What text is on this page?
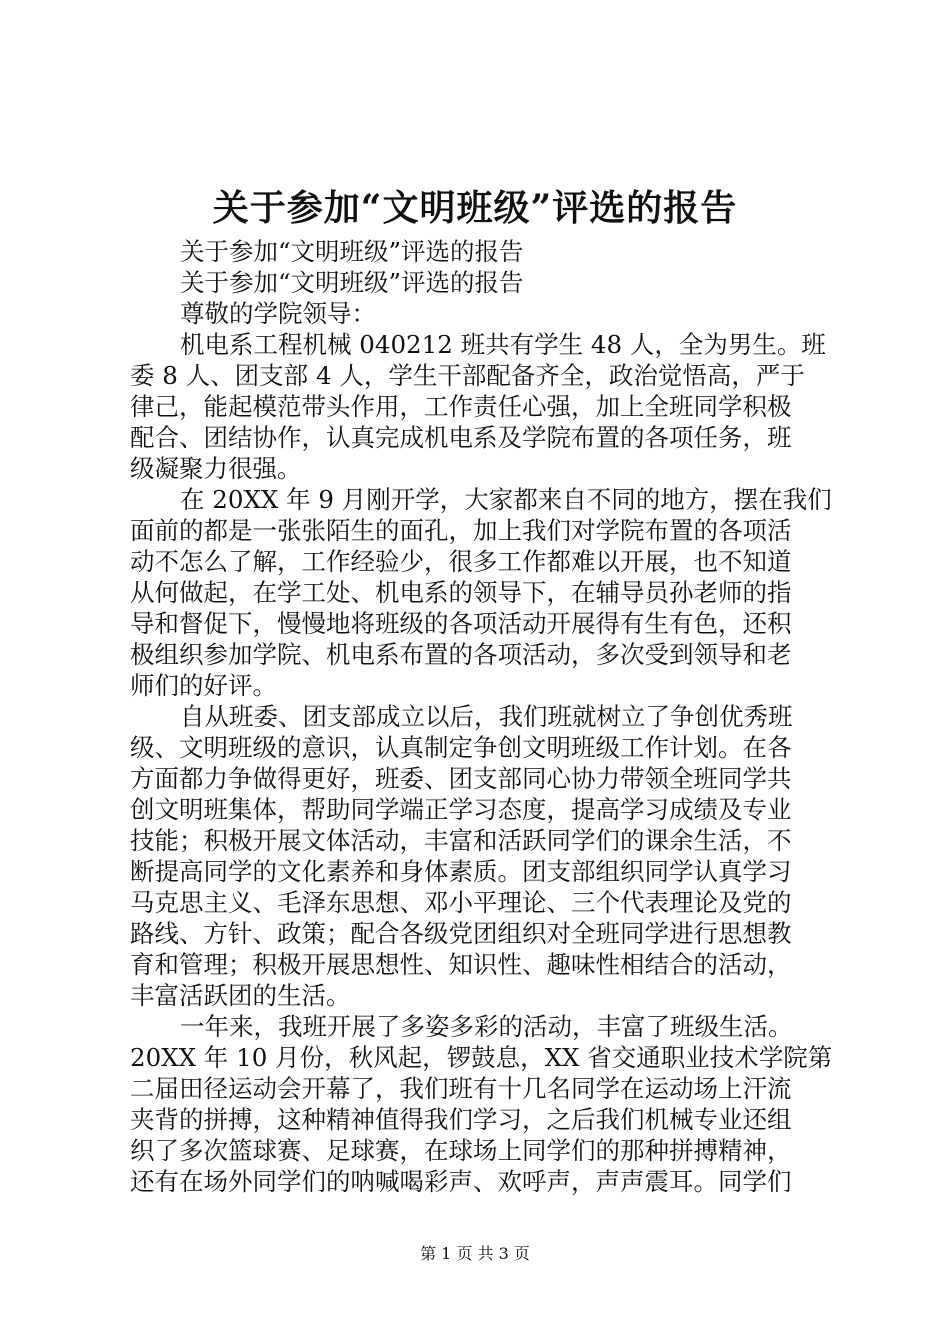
关于参加“文明班级”评选的报告
关于参加“文明班级”评选的报告
关于参加“文明班级”评选的报告
尊敬的学院领导：
机电系工程机械 040212 班共有学生 48 人，全为男生。班
委 8 人、团支部 4 人，学生干部配备齐全，政治觉悟高，严于
律己，能起模范带头作用，工作责任心强，加上全班同学积极
配合、团结协作，认真完成机电系及学院布置的各项任务，班
级凝聚力很强。
在 20XX 年 9 月刚开学，大家都来自不同的地方，摆在我们
面前的都是一张张陌生的面孔，加上我们对学院布置的各项活
动不怎么了解，工作经验少，很多工作都难以开展，也不知道
从何做起，在学工处、机电系的领导下，在辅导员孙老师的指
导和督促下，慢慢地将班级的各项活动开展得有生有色，还积
极组织参加学院、机电系布置的各项活动，多次受到领导和老
师们的好评。
自从班委、团支部成立以后，我们班就树立了争创优秀班
级、文明班级的意识，认真制定争创文明班级工作计划。在各
方面都力争做得更好，班委、团支部同心协力带领全班同学共
创文明班集体，帮助同学端正学习态度，提高学习成绩及专业
技能；积极开展文体活动，丰富和活跃同学们的课余生活，不
断提高同学的文化素养和身体素质。团支部组织同学认真学习
马克思主义、毛泽东思想、邓小平理论、三个代表理论及党的
路线、方针、政策；配合各级党团组织对全班同学进行思想教
育和管理；积极开展思想性、知识性、趣味性相结合的活动，
丰富活跃团的生活。
一年来，我班开展了多姿多彩的活动，丰富了班级生活。
20XX 年 10 月份，秋风起，锣鼓息，XX 省交通职业技术学院第
二届田径运动会开幕了，我们班有十几名同学在运动场上汗流
夹背的拼搏，这种精神值得我们学习，之后我们机械专业还组
织了多次篮球赛、足球赛，在球场上同学们的那种拼搏精神，
还有在场外同学们的呐喊喝彩声、欢呼声，声声震耳。同学们
第 1 页 共 3 页
